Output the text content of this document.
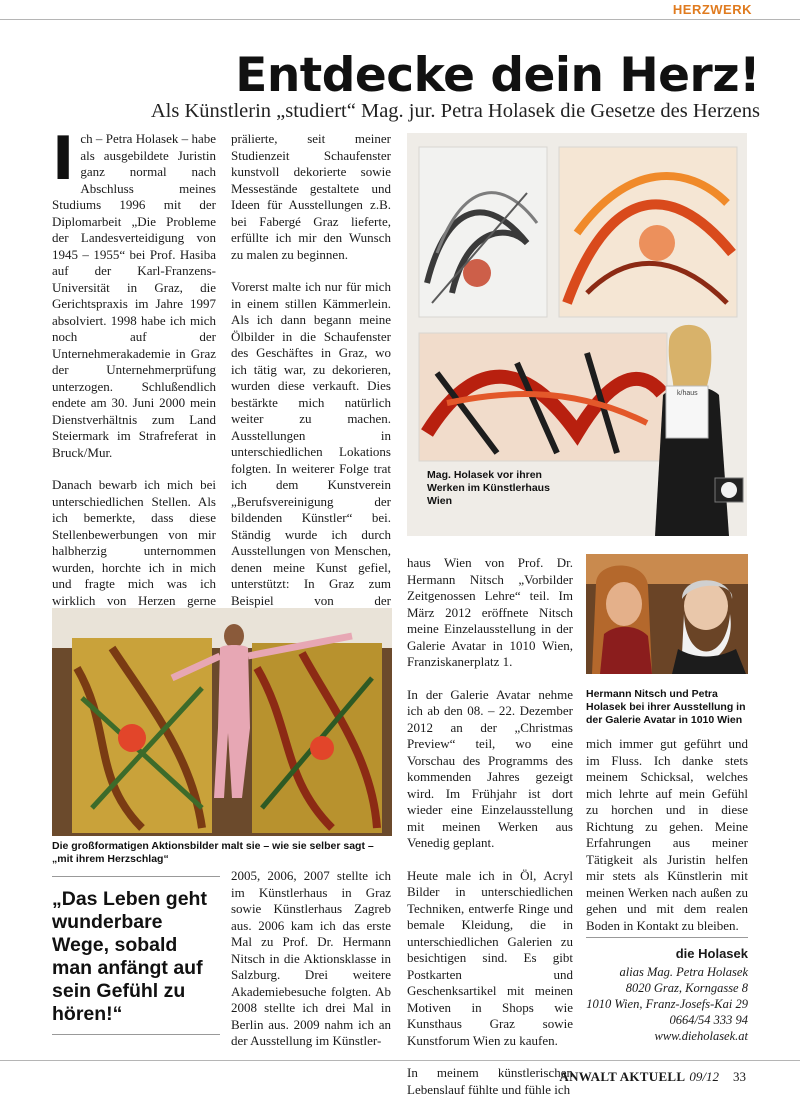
HERZWERK
Entdecke dein Herz!
Als Künstlerin „studiert“ Mag. jur. Petra Holasek die Gesetze des Herzens

Ich – Petra Holasek – habe als ausgebildete Juristin ganz normal nach Abschluss meines Studiums 1996 mit der Diplomarbeit „Die Probleme der Landesverteidigung von 1945 – 1955“ bei Prof. Hasiba auf der Karl-Franzens-Universität in Graz, die Gerichtspraxis im Jahre 1997 absolviert. 1998 habe ich mich noch auf der Unternehmerakademie in Graz der Unternehmerprüfung unterzogen. Schlußendlich endete am 30. Juni 2000 mein Dienstverhältnis zum Land Steiermark im Strafreferat in Bruck/Mur.

Danach bewarb ich mich bei unterschiedlichen Stellen. Als ich bemerkte, dass diese Stellenbewerbungen von mir halbherzig unternommen wurden, horchte ich in mich und fragte mich was ich wirklich von Herzen gerne

prälierte, seit meiner Studienzeit Schaufenster kunstvoll dekorierte sowie Messestände gestaltete und Ideen für Ausstellungen z.B. bei Fabergé Graz lieferte, erfüllte ich mir den Wunsch zu malen zu beginnen.

Vorerst malte ich nur für mich in einem stillen Kämmerlein. Als ich dann begann meine Ölbilder in die Schaufenster des Geschäftes in Graz, wo ich tätig war, zu dekorieren, wurden diese verkauft. Dies bestärkte mich natürlich weiter zu machen. Ausstellungen in unterschiedlichen Lokations folgten. In weiterer Folge trat ich dem Kunstverein „Berufsvereinigung der bildenden Künstler“ bei. Ständig wurde ich durch Ausstellungen von Menschen, denen meine Kunst gefiel, unterstützt: In Graz zum Beispiel von der

k/haus
Mag. Holasek vor ihren Werken im Künstlerhaus Wien
Die großformatigen Aktionsbilder malt sie – wie sie selber sagt – „mit ihrem Herzschlag“
„Das Leben geht wunderbare Wege, sobald man anfängt auf sein Gefühl zu hören!“

2005, 2006, 2007 stellte ich im Künstlerhaus in Graz sowie Künstlerhaus Zagreb aus. 2006 kam ich das erste Mal zu Prof. Dr. Hermann Nitsch in die Aktionsklasse in Salzburg. Drei weitere Akademiebesuche folgten. Ab 2008 stellte ich drei Mal in Berlin aus. 2009 nahm ich an der Ausstellung im Künstler-

haus Wien von Prof. Dr. Hermann Nitsch „Vorbilder Zeitgenossen Lehre“ teil. Im März 2012 eröffnete Nitsch meine Einzelausstellung in der Galerie Avatar in 1010 Wien, Franziskanerplatz 1.

In der Galerie Avatar nehme ich ab den 08. – 22. Dezember 2012 an der „Christmas Preview“ teil, wo eine Vorschau des Programms des kommenden Jahres gezeigt wird. Im Frühjahr ist dort wieder eine Einzelausstellung mit meinen Werken aus Venedig geplant.

Heute male ich in Öl, Acryl Bilder in unterschiedlichen Techniken, entwerfe Ringe und bemale Kleidung, die in unterschiedlichen Galerien zu besichtigen sind. Es gibt Postkarten und Geschenksartikel mit meinen Motiven in Shops wie Kunsthaus Graz sowie Kunstforum Wien zu kaufen.

In meinem künstlerischen Lebenslauf fühlte und fühle ich

Hermann Nitsch und Petra Holasek bei ihrer Ausstellung in der Galerie Avatar in 1010 Wien

mich immer gut geführt und im Fluss. Ich danke stets meinem Schicksal, welches mich lehrte auf mein Gefühl zu horchen und in diese Richtung zu gehen. Meine Erfahrungen aus meiner Tätigkeit als Juristin helfen mir stets als Künstlerin mit meinen Werken nach außen zu gehen und mit dem realen Boden in Kontakt zu bleiben.

die Holasek
alias Mag. Petra Holasek
8020 Graz, Korngasse 8
1010 Wien, Franz-Josefs-Kai 29
0664/54 333 94
www.dieholasek.at
ANWALT AKTUELL 09/12 33
